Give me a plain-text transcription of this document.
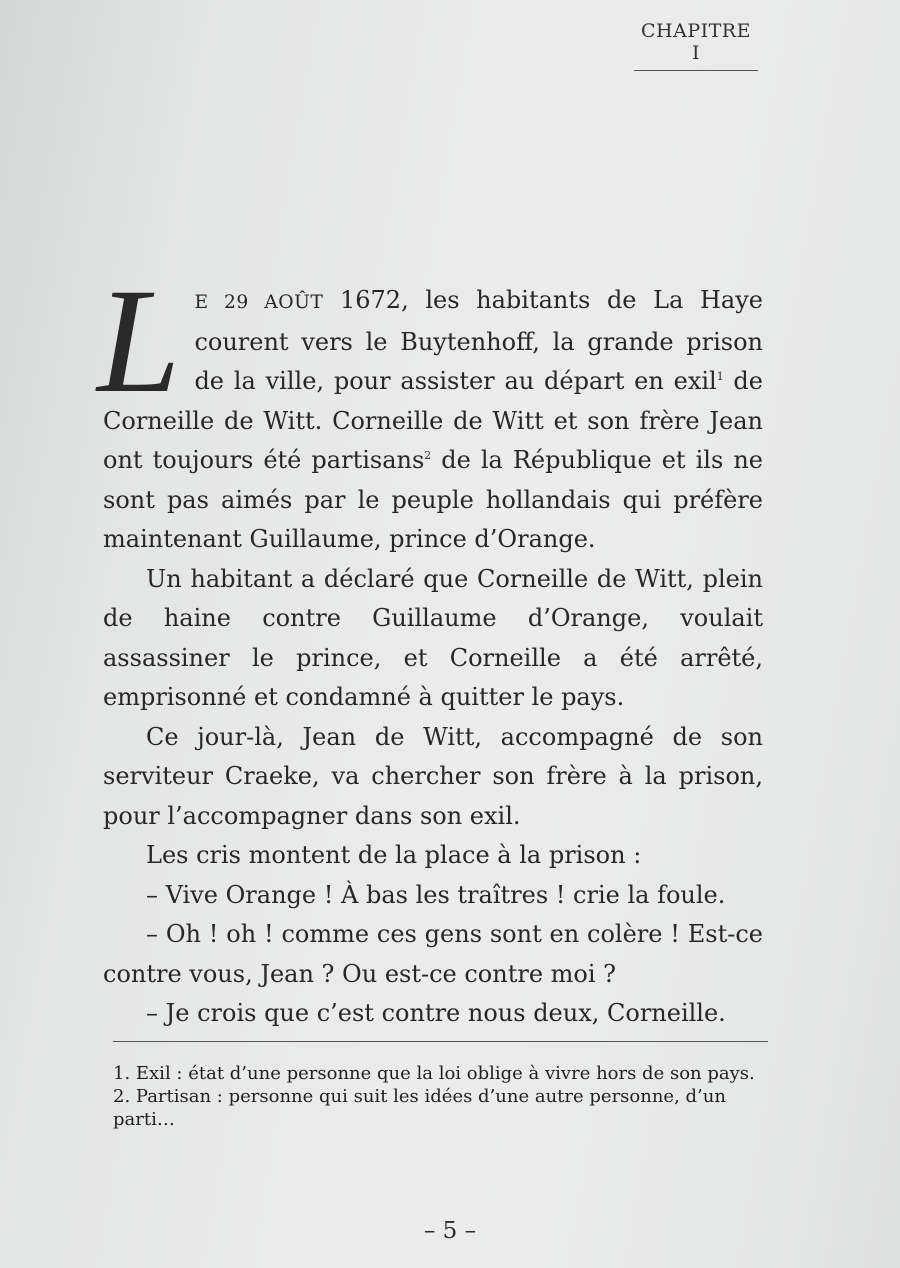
CHAPITRE I

LE 29 AOÛT 1672, les habitants de La Haye courent vers le Buytenhoff, la grande prison de la ville, pour assister au départ en exil$^1$ de Corneille de Witt. Corneille de Witt et son frère Jean ont toujours été partisans$^2$ de la République et ils ne sont pas aimés par le peuple hollandais qui préfère maintenant Guillaume, prince d’Orange.

Un habitant a déclaré que Corneille de Witt, plein de haine contre Guillaume d’Orange, voulait assassiner le prince, et Corneille a été arrêté, emprisonné et condamné à quitter le pays.

Ce jour-là, Jean de Witt, accompagné de son serviteur Craeke, va chercher son frère à la prison, pour l’accompagner dans son exil.

Les cris montent de la place à la prison :

– Vive Orange ! À bas les traîtres ! crie la foule.

– Oh ! oh ! comme ces gens sont en colère ! Est-ce contre vous, Jean ? Ou est-ce contre moi ?

– Je crois que c’est contre nous deux, Corneille.

1. Exil : état d’une personne que la loi oblige à vivre hors de son pays.

2. Partisan : personne qui suit les idées d’une autre personne, d’un parti…

– 5 –
